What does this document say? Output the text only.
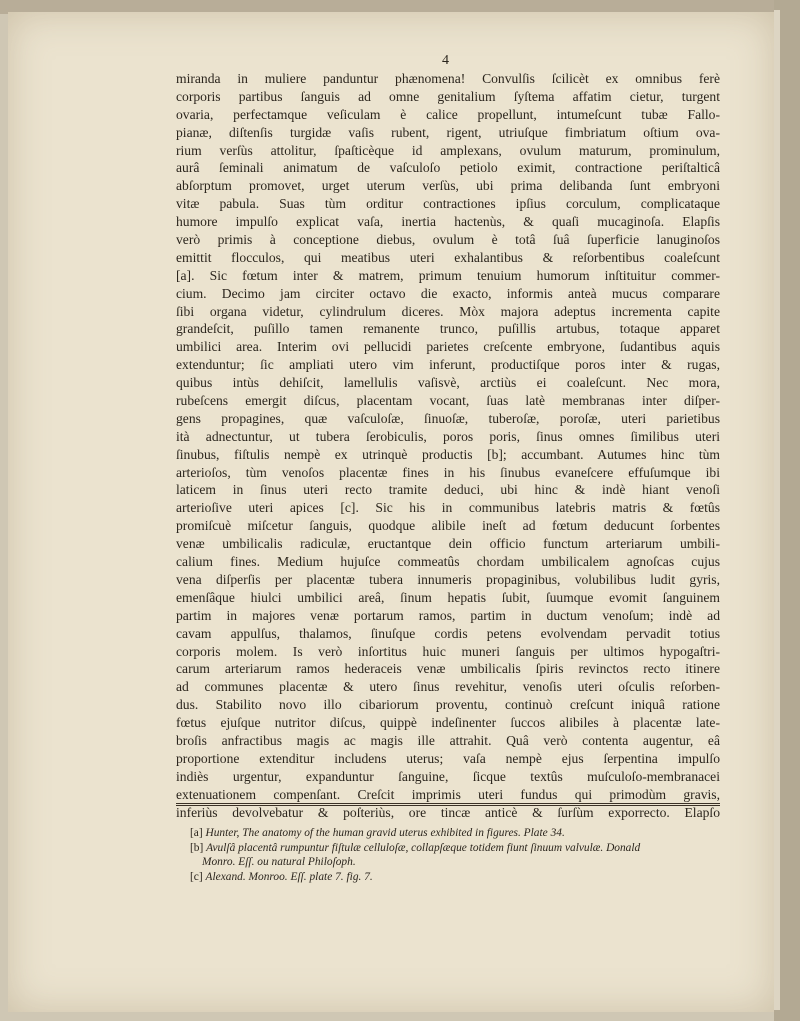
4
miranda in muliere panduntur phænomena! Convulſis ſcilicèt ex omnibus ferè
corporis partibus ſanguis ad omne genitalium ſyſtema affatim cietur, turgent
ovaria, perfectamque veſiculam è calice propellunt, intumeſcunt tubæ Fallo-
pianæ, diſtenſis turgidæ vaſis rubent, rigent, utriuſque fimbriatum oſtium ova-
rium verſùs attolitur, ſpaſticèque id amplexans, ovulum maturum, prominulum,
aurâ ſeminali animatum de vaſculoſo petiolo eximit, contractione periſtalticâ
abſorptum promovet, urget uterum verſùs, ubi prima delibanda ſunt embryoni
vitæ pabula. Suas tùm orditur contractiones ipſius corculum, complicataque
humore impulſo explicat vaſa, inertia hactenùs, & quaſi mucaginoſa. Elapſis
verò primis à conceptione diebus, ovulum è totâ ſuâ ſuperficie lanuginoſos
emittit flocculos, qui meatibus uteri exhalantibus & reſorbentibus coaleſcunt
[a]. Sic fœtum inter & matrem, primum tenuium humorum inſtituitur commer-
cium. Decimo jam circiter octavo die exacto, informis anteà mucus comparare
ſibi organa videtur, cylindrulum diceres. Mòx majora adeptus incrementa capite
grandeſcit, puſillo tamen remanente trunco, puſillis artubus, totaque apparet
umbilici area. Interim ovi pellucidi parietes creſcente embryone, ſudantibus aquis
extenduntur; ſic ampliati utero vim inferunt, productiſque poros inter & rugas,
quibus intùs dehiſcit, lamellulis vaſisvè, arctiùs ei coaleſcunt. Nec mora,
rubeſcens emergit diſcus, placentam vocant, ſuas latè membranas inter diſper-
gens propagines, quæ vaſculoſæ, ſinuoſæ, tuberoſæ, poroſæ, uteri parietibus
ità adnectuntur, ut tubera ſerobiculis, poros poris, ſinus omnes ſimilibus uteri
ſinubus, fiſtulis nempè ex utrinquè productis [b]; accumbant. Autumes hinc tùm
arterioſos, tùm venoſos placentæ fines in his ſinubus evaneſcere effuſumque ibi
laticem in ſinus uteri recto tramite deduci, ubi hinc & indè hiant venoſi
arterioſive uteri apices [c]. Sic his in communibus latebris matris & fœtûs
promiſcuè miſcetur ſanguis, quodque alibile ineſt ad fœtum deducunt ſorbentes
venæ umbilicalis radiculæ, eructantque dein officio functum arteriarum umbili-
calium fines. Medium hujuſce commeatûs chordam umbilicalem agnoſcas cujus
vena diſperſis per placentæ tubera innumeris propaginibus, volubilibus ludit gyris,
emenſâque hiulci umbilici areâ, ſinum hepatis ſubit, ſuumque evomit ſanguinem
partim in majores venæ portarum ramos, partim in ductum venoſum; indè ad
cavam appulſus, thalamos, ſinuſque cordis petens evolvendam pervadit totius
corporis molem. Is verò inſortitus huic muneri ſanguis per ultimos hypogaſtri-
carum arteriarum ramos hederaceis venæ umbilicalis ſpiris revinctos recto itinere
ad communes placentæ & utero ſinus revehitur, venoſis uteri oſculis reſorben-
dus. Stabilito novo illo cibariorum proventu, continuò creſcunt iniquâ ratione
fœtus ejuſque nutritor diſcus, quippè indeſinenter ſuccos alibiles à placentæ late-
broſis anfractibus magis ac magis ille attrahit. Quâ verò contenta augentur, eâ
proportione extenditur includens uterus; vaſa nempè ejus ſerpentina impulſo
indiès urgentur, expanduntur ſanguine, ſicque textûs muſculoſo-membranacei
extenuationem compenſant. Creſcit imprimis uteri fundus qui primodùm gravis,
inferiùs devolvebatur & poſteriùs, ore tincæ anticè & ſurſùm exporrecto. Elapſo
[a] Hunter, The anatomy of the human gravid uterus exhibited in figures. Plate 34.
[b] Avulſâ placentâ rumpuntur fiſtulæ celluloſæ, collapſæque totidem fiunt ſinuum valvulæ. Donald
Monro. Eſſ. ou natural Philoſoph.
[c] Alexand. Monroo. Eſſ. plate 7. fig. 7.
